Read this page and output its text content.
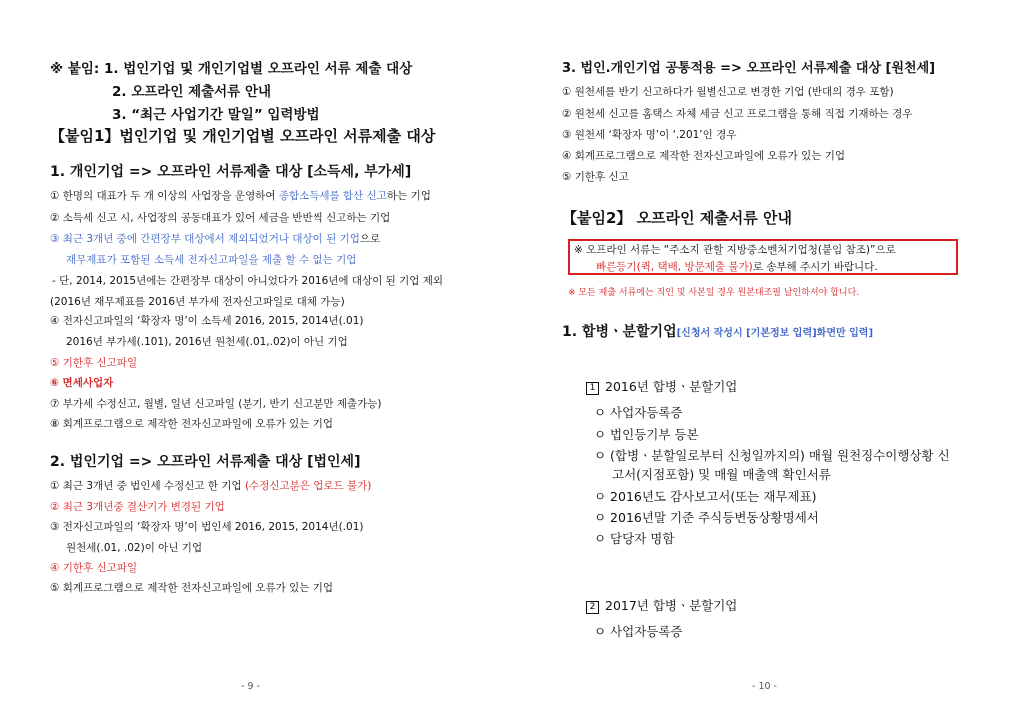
※ 붙임: 1. 법인기업 및 개인기업별 오프라인 서류 제출 대상
2. 오프라인 제출서류 안내
3. “최근 사업기간 말일” 입력방법
【붙임1】법인기업 및 개인기업별 오프라인 서류제출 대상
1. 개인기업 => 오프라인 서류제출 대상 [소득세, 부가세]
① 한명의 대표가 두 개 이상의 사업장을 운영하여 종합소득세를 합산 신고하는 기업
② 소득세 신고 시, 사업장의 공동대표가 있어 세금을 반반씩 신고하는 기업
③ 최근 3개년 중에 간편장부 대상에서 제외되었거나 대상이 된 기업으로
재무제표가 포함된 소득세 전자신고파일을 제출 할 수 없는 기업
- 단, 2014, 2015년에는 간편장부 대상이 아니었다가 2016년에 대상이 된 기업 제외
(2016년 재무제표를 2016년 부가세 전자신고파일로 대체 가능)
④ 전자신고파일의 ‘확장자 명’이 소득세 2016, 2015, 2014년(.01)
2016년 부가세(.101), 2016년 원천세(.01,.02)이 아닌 기업
⑤ 기한후 신고파일
⑥ 면세사업자
⑦ 부가세 수정신고, 월별, 일년 신고파일 (분기, 반기 신고분만 제출가능)
⑧ 회계프로그램으로 제작한 전자신고파일에 오류가 있는 기업
2. 법인기업 => 오프라인 서류제출 대상 [법인세]
① 최근 3개년 중 법인세 수정신고 한 기업 (수정신고분은 업로드 불가)
② 최근 3개년중 결산기가 변경된 기업
③ 전자신고파일의 ‘확장자 명’이 법인세 2016, 2015, 2014년(.01)
원천세(.01, .02)이 아닌 기업
④ 기한후 신고파일
⑤ 회계프로그램으로 제작한 전자신고파일에 오류가 있는 기업
- 9 -
3. 법인.개인기업 공통적용 => 오프라인 서류제출 대상 [원천세]
① 원천세를 반기 신고하다가 월별신고로 변경한 기업 (반대의 경우 포함)
② 원천세 신고를 홈택스 자체 세금 신고 프로그램을 통해 직접 기재하는 경우
③ 원천세 ‘확장자 명’이 ‘.201’인 경우
④ 회계프로그램으로 제작한 전자신고파일에 오류가 있는 기업
⑤ 기한후 신고
【붙임2】 오프라인 제출서류 안내
※ 오프라인 서류는 “주소지 관할 지방중소벤처기업청(붙임 참조)”으로
빠른등기(퀵, 택배, 방문제출 불가)로 송부해 주시기 바랍니다.
※ 모든 제출 서류에는 직인 및 사본일 경우 원본대조필 날인하셔야 합니다.
1. 합병ㆍ분할기업[신청서 작성시 [기본정보 입력]화면만 입력]
1 2016년 합병ㆍ분할기업
ㅇ 사업자등록증
ㅇ 법인등기부 등본
ㅇ (합병ㆍ분할일로부터 신청일까지의) 매월 원천징수이행상황 신
고서(지점포함) 및 매월 매출액 확인서류
ㅇ 2016년도 감사보고서(또는 재무제표)
ㅇ 2016년말 기준 주식등변동상황명세서
ㅇ 담당자 명함
2 2017년 합병ㆍ분할기업
ㅇ 사업자등록증
- 10 -
